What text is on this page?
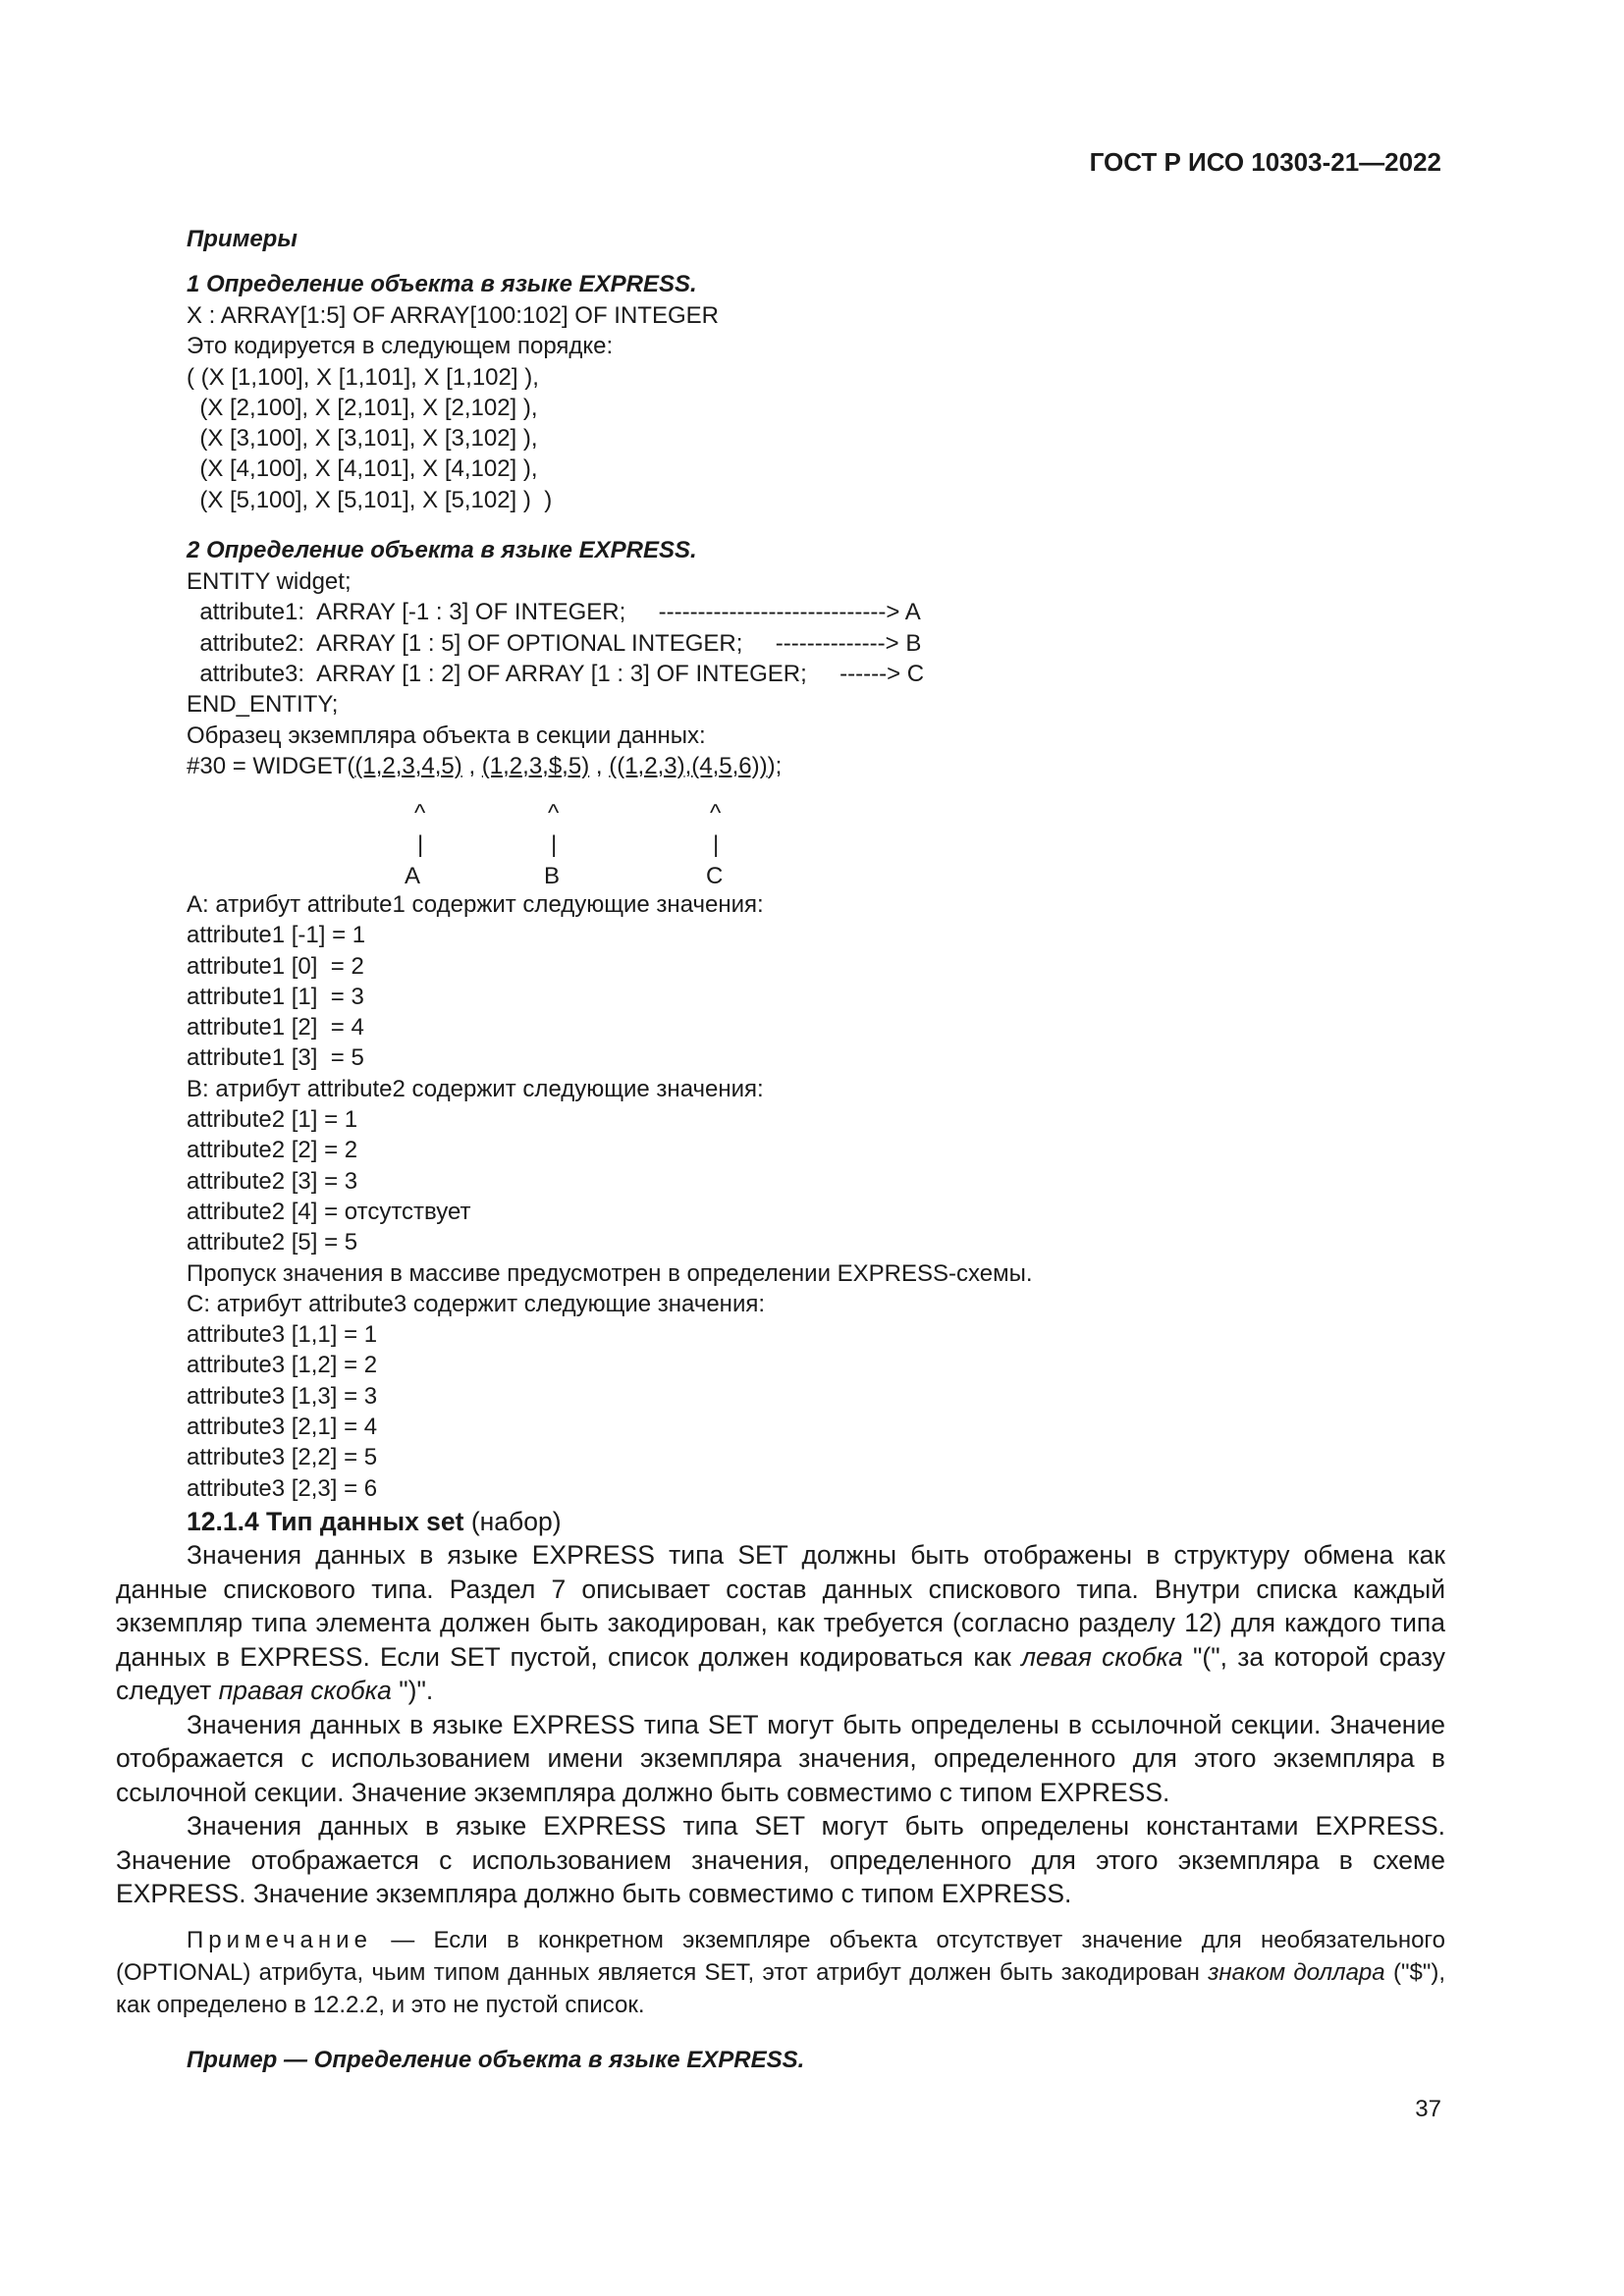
ГОСТ Р ИСО 10303-21—2022
Примеры
1 Определение объекта в языке EXPRESS.
X : ARRAY[1:5] OF ARRAY[100:102] OF INTEGER
Это кодируется в следующем порядке:
( (X [1,100], X [1,101], X [1,102] ),
(X [2,100], X [2,101], X [2,102] ),
(X [3,100], X [3,101], X [3,102] ),
(X [4,100], X [4,101], X [4,102] ),
(X [5,100], X [5,101], X [5,102] )  )
2 Определение объекта в языке EXPRESS.
ENTITY widget;
attribute1:  ARRAY [-1 : 3] OF INTEGER;     -----------------------------> A
attribute2:  ARRAY [1 : 5] OF OPTIONAL INTEGER;     --------------> B
attribute3:  ARRAY [1 : 2] OF ARRAY [1 : 3] OF INTEGER;     ------> C
END_ENTITY;
Образец экземпляра объекта в секции данных:
#30 = WIDGET((1,2,3,4,5) , (1,2,3,$,5) , ((1,2,3),(4,5,6)));
^	^	^
|	|	|
A	B	C
A: атрибут attribute1 содержит следующие значения:
attribute1 [-1] = 1
attribute1 [0]  = 2
attribute1 [1]  = 3
attribute1 [2]  = 4
attribute1 [3]  = 5
B: атрибут attribute2 содержит следующие значения:
attribute2 [1] = 1
attribute2 [2] = 2
attribute2 [3] = 3
attribute2 [4] = отсутствует
attribute2 [5] = 5
Пропуск значения в массиве предусмотрен в определении EXPRESS-схемы.
C: атрибут attribute3 содержит следующие значения:
attribute3 [1,1] = 1
attribute3 [1,2] = 2
attribute3 [1,3] = 3
attribute3 [2,1] = 4
attribute3 [2,2] = 5
attribute3 [2,3] = 6
12.1.4 Тип данных set (набор)

Значения данных в языке EXPRESS типа SET должны быть отображены в структуру обмена как данные спискового типа. Раздел 7 описывает состав данных спискового типа. Внутри списка каждый экземпляр типа элемента должен быть закодирован, как требуется (согласно разделу 12) для каждого типа данных в EXPRESS. Если SET пустой, список должен кодироваться как левая скобка "(", за которой сразу следует правая скобка ")".

Значения данных в языке EXPRESS типа SET могут быть определены в ссылочной секции. Значение отображается с использованием имени экземпляра значения, определенного для этого экземпляра в ссылочной секции. Значение экземпляра должно быть совместимо с типом EXPRESS.

Значения данных в языке EXPRESS типа SET могут быть определены константами EXPRESS. Значение отображается с использованием значения, определенного для этого экземпляра в схеме EXPRESS. Значение экземпляра должно быть совместимо с типом EXPRESS.

Примечание — Если в конкретном экземпляре объекта отсутствует значение для необязательного (OPTIONAL) атрибута, чьим типом данных является SET, этот атрибут должен быть закодирован знаком доллара ("$"), как определено в 12.2.2, и это не пустой список.
Пример — Определение объекта в языке EXPRESS.
37
